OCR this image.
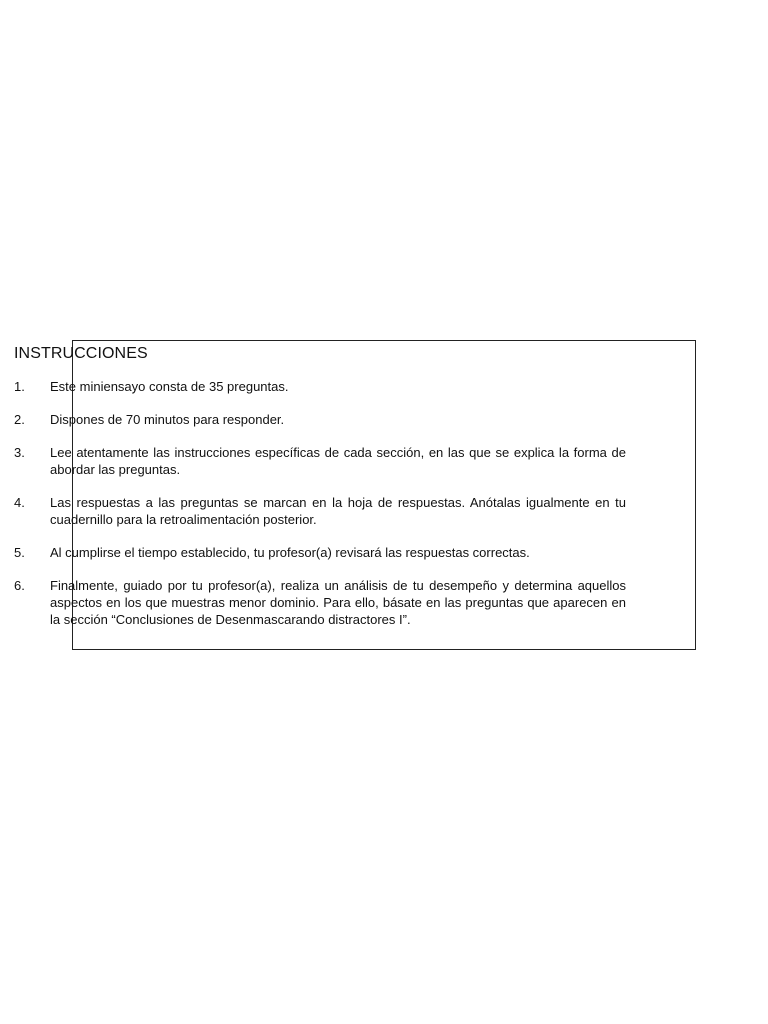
INSTRUCCIONES
1.	Este miniensayo consta de 35 preguntas.
2.	Dispones de 70 minutos para responder.
3.	Lee atentamente las instrucciones específicas de cada sección, en las que se explica la forma de abordar las preguntas.
4.	Las respuestas a las preguntas se marcan en la hoja de respuestas. Anótalas igualmente en tu cuadernillo para la retroalimentación posterior.
5.	Al cumplirse el tiempo establecido, tu profesor(a) revisará las respuestas correctas.
6.	Finalmente, guiado por tu profesor(a), realiza un análisis de tu desempeño y determina aquellos aspectos en los que muestras menor dominio. Para ello, básate en las preguntas que aparecen en la sección “Conclusiones de Desenmascarando distractores I”.
